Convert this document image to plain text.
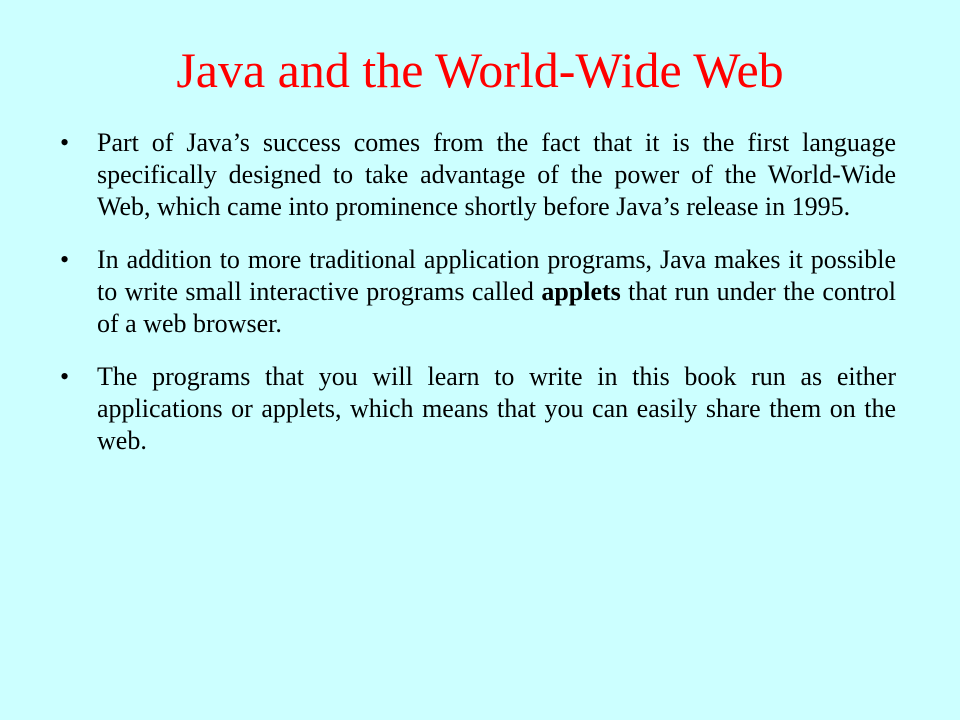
Java and the World-Wide Web
• Part of Java’s success comes from the fact that it is the first language specifically designed to take advantage of the power of the World-Wide Web, which came into prominence shortly before Java’s release in 1995.
• In addition to more traditional application programs, Java makes it possible to write small interactive programs called applets that run under the control of a web browser.
• The programs that you will learn to write in this book run as either applications or applets, which means that you can easily share them on the web.
